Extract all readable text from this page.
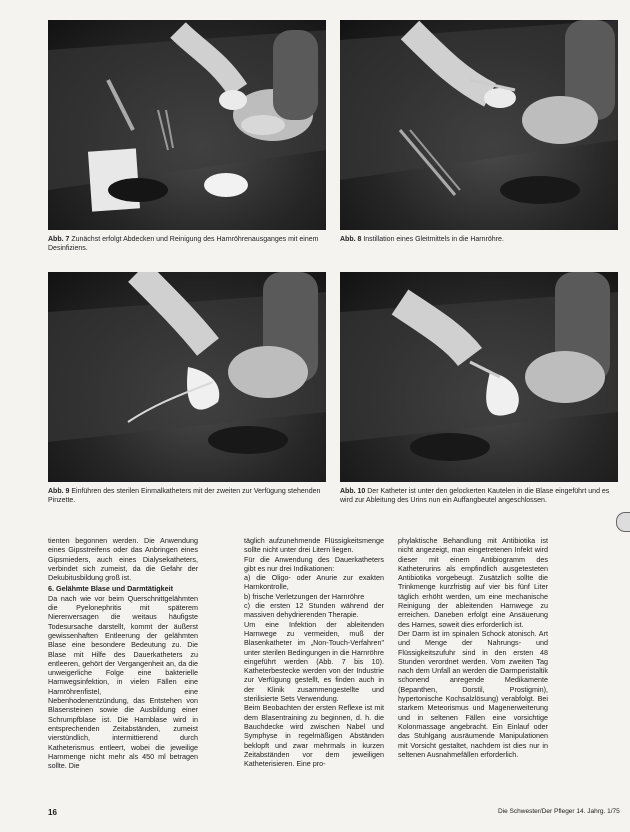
Abb. 7 Zunächst erfolgt Abdecken und Reinigung des Harnröhrenausganges mit einem Desinfiziens.
Abb. 8 Instillation eines Gleitmittels in die Harnröhre.
Abb. 9 Einführen des sterilen Einmalkatheters mit der zweiten zur Verfügung stehenden Pinzette.
Abb. 10 Der Katheter ist unter den gelockerten Kautelen in die Blase eingeführt und es wird zur Ableitung des Urins nun ein Auffangbeutel angeschlossen.

tienten begonnen werden. Die Anwendung eines Gipsstreifens oder das Anbringen eines Gipsmieders, auch eines Dialysekatheters, verbindet sich zumeist, da die Gefahr der Dekubitusbildung groß ist.

6. Gelähmte Blase und Darmtätigkeit

Da nach wie vor beim Querschnittgelähmten die Pyelonephritis mit späterem Nierenversagen die weitaus häufigste Todesursache darstellt, kommt der äußerst gewissenhaften Entleerung der gelähmten Blase eine besondere Bedeutung zu. Die Blase mit Hilfe des Dauerkatheters zu entleeren, gehört der Vergangenheit an, da die unweigerliche Folge eine bakterielle Harnwegsinfektion, in vielen Fällen eine Harnröhrenfistel, eine Nebenhodenentzündung, das Entstehen von Blasensteinen sowie die Ausbildung einer Schrumpfblase ist. Die Harnblase wird in entsprechenden Zeitabständen, zumeist vierstündlich, intermittierend durch Katheterismus entleert, wobei die jeweilige Harnmenge nicht mehr als 450 ml betragen sollte. Die

täglich aufzunehmende Flüssigkeitsmenge sollte nicht unter drei Litern liegen.

Für die Anwendung des Dauerkatheters gibt es nur drei Indikationen:

a) die Oligo- oder Anurie zur exakten Harnkontrolle,

b) frische Verletzungen der Harnröhre

c) die ersten 12 Stunden während der massiven dehydrierenden Therapie.

Um eine Infektion der ableitenden Harnwege zu vermeiden, muß der Blasenkatheter im „Non-Touch-Verfahren" unter sterilen Bedingungen in die Harnröhre eingeführt werden (Abb. 7 bis 10). Katheterbestecke werden von der Industrie zur Verfügung gestellt, es finden auch in der Klinik zusammengestellte und sterilisierte Sets Verwendung.

Beim Beobachten der ersten Reflexe ist mit dem Blasentraining zu beginnen, d. h. die Bauchdecke wird zwischen Nabel und Symphyse in regelmäßigen Abständen beklopft und zwar mehrmals in kurzen Zeitabständen vor dem jeweiligen Katheterisieren. Eine pro-

phylaktische Behandlung mit Antibiotika ist nicht angezeigt, man eingetretenen Infekt wird dieser mit einem Antibiogramm des Katheterurins als empfindlich ausgetesteten Antibiotika vorgebeugt. Zusätzlich sollte die Trinkmenge kurzfristig auf vier bis fünf Liter täglich erhöht werden, um eine mechanische Reinigung der ableitenden Harnwege zu erreichen. Daneben erfolgt eine Ansäuerung des Harnes, soweit dies erforderlich ist.

Der Darm ist im spinalen Schock atonisch. Art und Menge der Nahrungs- und Flüssigkeitszufuhr sind in den ersten 48 Stunden verordnet werden. Vom zweiten Tag nach dem Unfall an werden die Darmperistaltik schonend anregende Medikamente (Bepanthen, Dorstil, Prostigmin), hypertonische Kochsalzlösung) verabfolgt. Bei starkem Meteorismus und Magenerweiterung und in seltenen Fällen eine vorsichtige Kolonmassage angebracht. Ein Einlauf oder das Stuhlgang ausräumende Manipulationen mit Vorsicht gestaltet, nachdem ist dies nur in seltenen Ausnahmefällen erforderlich.

16	Die Schwester/Der Pfleger 14. Jahrg. 1/75
